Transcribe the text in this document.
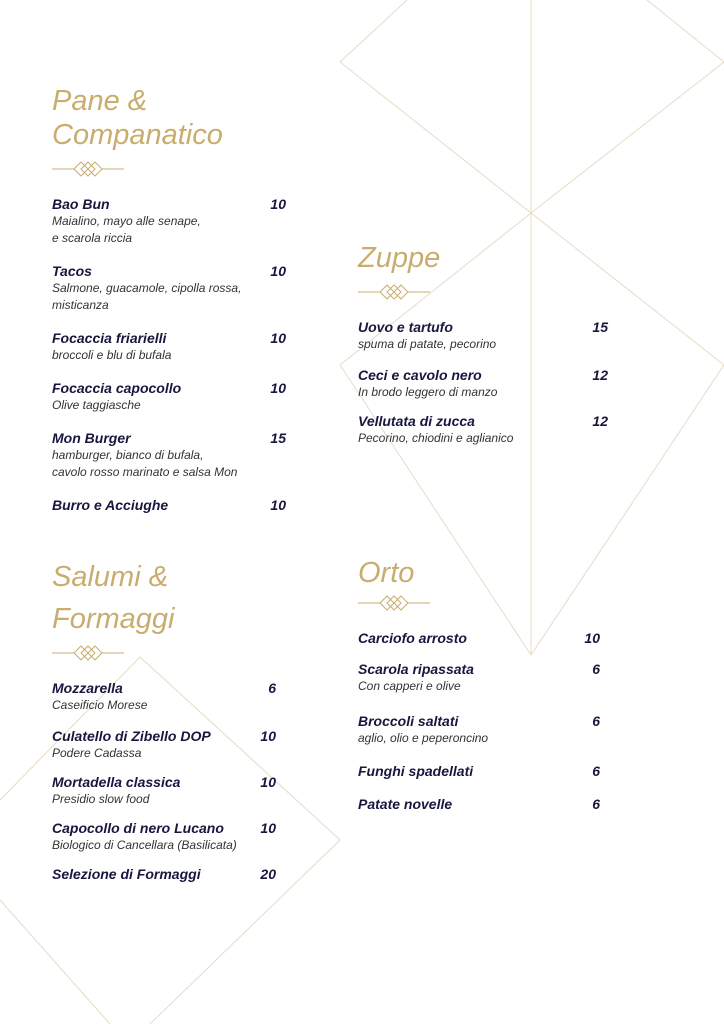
Pane &
Companatico
Bao Bun	10
Maialino, mayo alle senape,
e scarola riccia
Tacos	10
Salmone, guacamole, cipolla rossa,
misticanza
Focaccia friarielli	10
broccoli e blu di bufala
Focaccia capocollo	10
Olive taggiasche
Mon Burger	15
hamburger, bianco di bufala,
cavolo rosso marinato e salsa Mon
Burro e Acciughe	10
Zuppe
Uovo e tartufo	15
spuma di patate, pecorino
Ceci e cavolo nero	12
In brodo leggero di manzo
Vellutata di zucca	12
Pecorino, chiodini e aglianico
Salumi &
Formaggi
Mozzarella	6
Caseificio Morese
Culatello di Zibello DOP	10
Podere Cadassa
Mortadella classica	10
Presidio slow food
Capocollo di nero Lucano	10
Biologico di Cancellara (Basilicata)
Selezione di Formaggi	20
Orto
Carciofo arrosto	10
Scarola ripassata	6
Con capperi e olive
Broccoli saltati	6
aglio, olio e peperoncino
Funghi spadellati	6
Patate novelle	6
